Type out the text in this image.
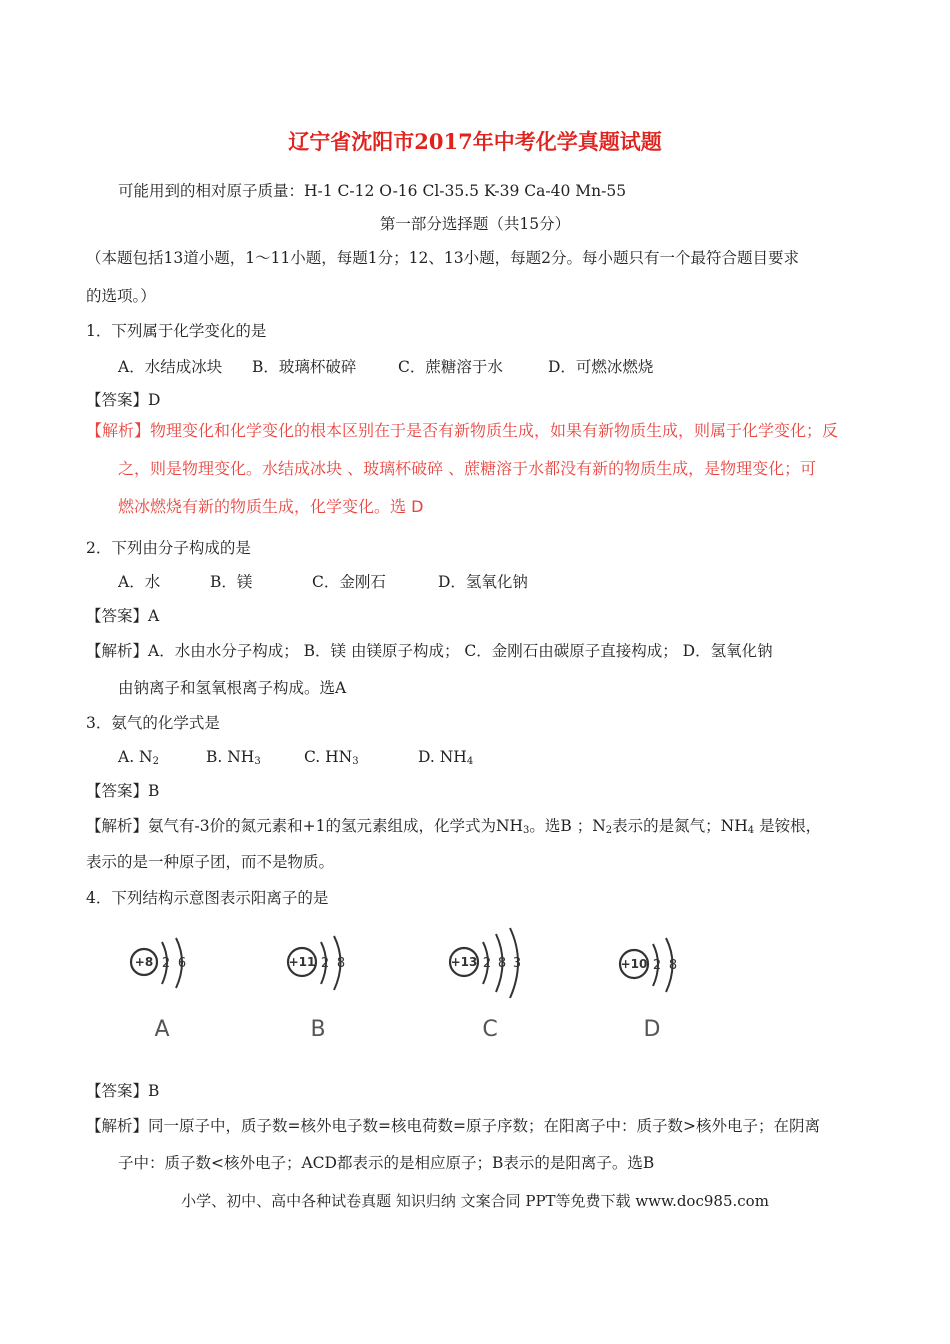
辽宁省沈阳市2017年中考化学真题试题
可能用到的相对原子质量：H-1 C-12 O-16 Cl-35.5 K-39 Ca-40 Mn-55
第一部分选择题（共15分）
（本题包括13道小题，1～11小题，每题1分；12、13小题，每题2分。每小题只有一个最符合题目要求
的选项。）
1．下列属于化学变化的是
A．水结成冰块 B．玻璃杯破碎	C．蔗糖溶于水	D．可燃冰燃烧
【答案】D
【解析】物理变化和化学变化的根本区别在于是否有新物质生成，如果有新物质生成，则属于化学变化；反
之，则是物理变化。水结成冰块 、玻璃杯破碎 、蔗糖溶于水都没有新的物质生成，是物理变化；可
燃冰燃烧有新的物质生成，化学变化。选 D
2．下列由分子构成的是
A．水	B．镁	C．金刚石	D．氢氧化钠
【答案】A
【解析】A．水由水分子构成； B．镁 由镁原子构成； C．金刚石由碳原子直接构成； D．氢氧化钠
由钠离子和氢氧根离子构成。选A
3．氨气的化学式是
A. $N_2$	B. $NH_3$	C. $HN_3$	D. $NH_4$
【答案】B
【解析】氨气有-3价的氮元素和+1的氢元素组成，化学式为$NH_3$。选B ；$N_2$表示的是氮气；$NH_4$ 是铵根，
表示的是一种原子团，而不是物质。
4．下列结构示意图表示阳离子的是
+8 2 6
A
+11 2 8
B
+13 2 8 3
C
+10 2 8
D
【答案】B
【解析】同一原子中，质子数=核外电子数=核电荷数=原子序数；在阳离子中：质子数>核外电子；在阴离
子中：质子数<核外电子；ACD都表示的是相应原子；B表示的是阳离子。选B
小学、初中、高中各种试卷真题 知识归纳 文案合同 PPT等免费下载 www.doc985.com
